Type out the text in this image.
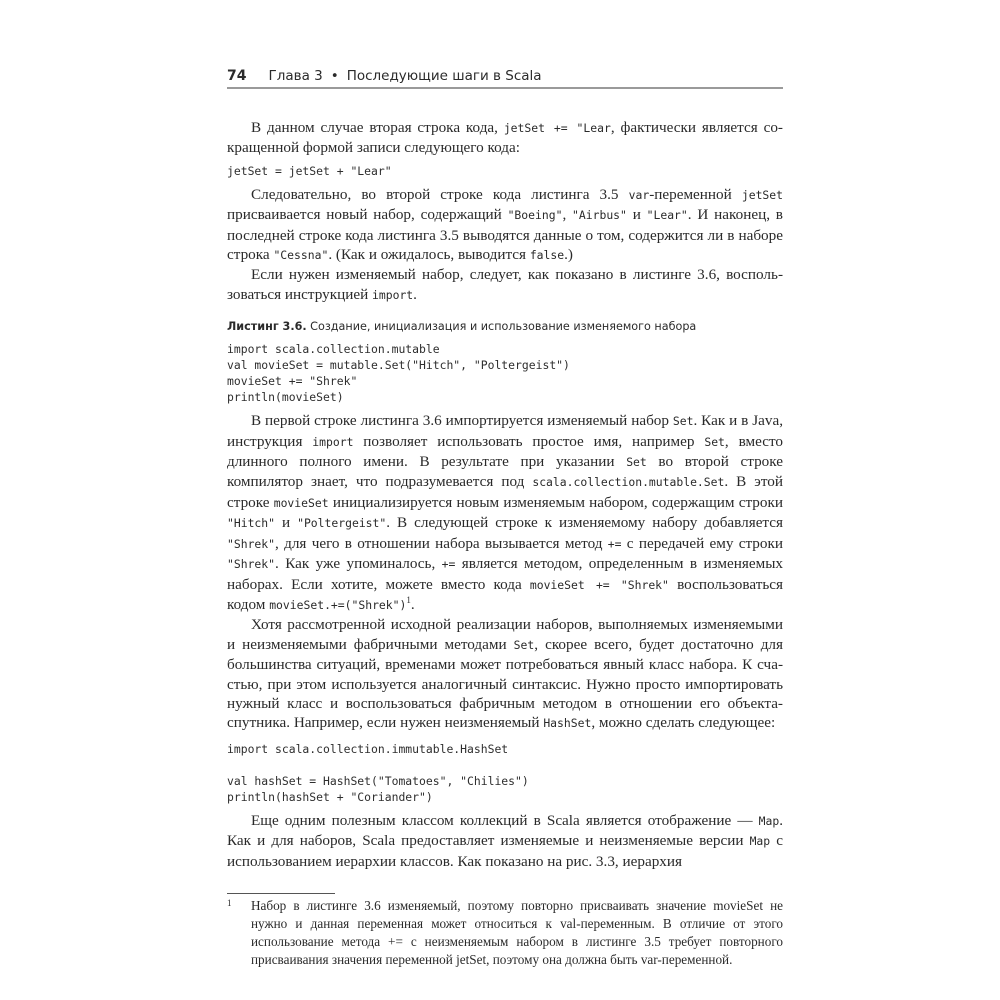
74 Глава 3 • Последующие шаги в Scala

В данном случае вторая строка кода, jetSet += "Lear, фактически является сокращенной формой записи следующего кода:

jetSet = jetSet + "Lear"

Следовательно, во второй строке кода листинга 3.5 var-переменной jetSet присваивается новый набор, содержащий "Boeing", "Airbus" и "Lear". И наконец, в последней строке кода листинга 3.5 выводятся данные о том, содержится ли в наборе строка "Cessna". (Как и ожидалось, выводится false.)

Если нужен изменяемый набор, следует, как показано в листинге 3.6, воспользоваться инструкцией import.

Листинг 3.6. Создание, инициализация и использование изменяемого набора
import scala.collection.mutable
val movieSet = mutable.Set("Hitch", "Poltergeist")
movieSet += "Shrek"
println(movieSet)

В первой строке листинга 3.6 импортируется изменяемый набор Set. Как и в Java, инструкция import позволяет использовать простое имя, например Set, вместо длинного полного имени. В результате при указании Set во второй строке компилятор знает, что подразумевается под scala.collection.mutable.Set. В этой строке movieSet инициализируется новым изменяемым набором, содержащим строки "Hitch" и "Poltergeist". В следующей строке к изменяемому набору добавляется "Shrek", для чего в отношении набора вызывается метод += с передачей ему строки "Shrek". Как уже упоминалось, += является методом, определенным в изменяемых наборах. Если хотите, можете вместо кода movieSet += "Shrek" воспользоваться кодом movieSet.+=("Shrek")$^1$.

Хотя рассмотренной исходной реализации наборов, выполняемых изменяемыми и неизменяемыми фабричными методами Set, скорее всего, будет достаточно для большинства ситуаций, временами может потребоваться явный класс набора. К счастью, при этом используется аналогичный синтаксис. Нужно просто импортировать нужный класс и воспользоваться фабричным методом в отношении его объекта-спутника. Например, если нужен неизменяемый HashSet, можно сделать следующее:

import scala.collection.immutable.HashSet
val hashSet = HashSet("Tomatoes", "Chilies")
println(hashSet + "Coriander")

Еще одним полезным классом коллекций в Scala является отображение — Map. Как и для наборов, Scala предоставляет изменяемые и неизменяемые версии Map с использованием иерархии классов. Как показано на рис. 3.3, иерархия

1 Набор в листинге 3.6 изменяемый, поэтому повторно присваивать значение movieSet не нужно и данная переменная может относиться к val-переменным. В отличие от этого использование метода += с неизменяемым набором в листинге 3.5 требует повторного присваивания значения переменной jetSet, поэтому она должна быть var-переменной.
